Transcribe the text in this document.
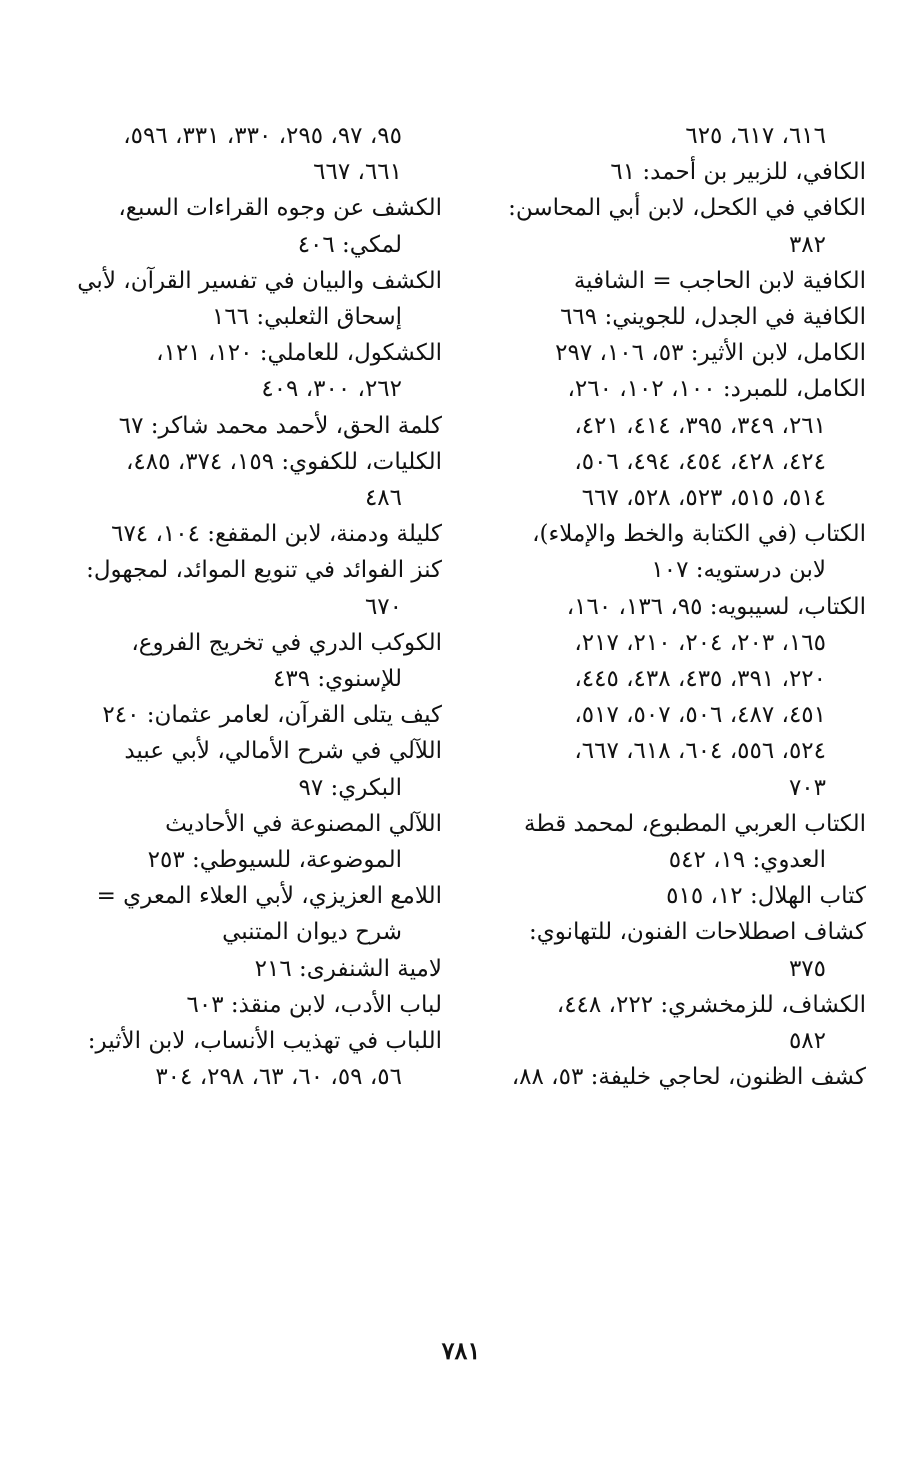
٦١٦، ٦١٧، ٦٢٥
الكافي، للزبير بن أحمد: ٦١
الكافي في الكحل، لابن أبي المحاسن:
٣٨٢
الكافية لابن الحاجب = الشافية
الكافية في الجدل، للجويني: ٦٦٩
الكامل، لابن الأثير: ٥٣، ١٠٦، ٢٩٧
الكامل، للمبرد: ١٠٠، ١٠٢، ٢٦٠،
٢٦١، ٣٤٩، ٣٩٥، ٤١٤، ٤٢١،
٤٢٤، ٤٢٨، ٤٥٤، ٤٩٤، ٥٠٦،
٥١٤، ٥١٥، ٥٢٣، ٥٢٨، ٦٦٧
الكتاب (في الكتابة والخط والإملاء)،
لابن درستويه: ١٠٧
الكتاب، لسيبويه: ٩٥، ١٣٦، ١٦٠،
١٦٥، ٢٠٣، ٢٠٤، ٢١٠، ٢١٧،
٢٢٠، ٣٩١، ٤٣٥، ٤٣٨، ٤٤٥،
٤٥١، ٤٨٧، ٥٠٦، ٥٠٧، ٥١٧،
٥٢٤، ٥٥٦، ٦٠٤، ٦١٨، ٦٦٧،
٧٠٣
الكتاب العربي المطبوع، لمحمد قطة
العدوي: ١٩، ٥٤٢
كتاب الهلال: ١٢، ٥١٥
كشاف اصطلاحات الفنون، للتهانوي:
٣٧٥
الكشاف، للزمخشري: ٢٢٢، ٤٤٨،
٥٨٢
كشف الظنون، لحاجي خليفة: ٥٣، ٨٨،
٩٥، ٩٧، ٢٩٥، ٣٣٠، ٣٣١، ٥٩٦،
٦٦١، ٦٦٧
الكشف عن وجوه القراءات السبع،
لمكي: ٤٠٦
الكشف والبيان في تفسير القرآن، لأبي
إسحاق الثعلبي: ١٦٦
الكشكول، للعاملي: ١٢٠، ١٢١،
٢٦٢، ٣٠٠، ٤٠٩
كلمة الحق، لأحمد محمد شاكر: ٦٧
الكليات، للكفوي: ١٥٩، ٣٧٤، ٤٨٥،
٤٨٦
كليلة ودمنة، لابن المقفع: ١٠٤، ٦٧٤
كنز الفوائد في تنويع الموائد، لمجهول:
٦٧٠
الكوكب الدري في تخريج الفروع،
للإسنوي: ٤٣٩
كيف يتلى القرآن، لعامر عثمان: ٢٤٠
اللآلي في شرح الأمالي، لأبي عبيد
البكري: ٩٧
اللآلي المصنوعة في الأحاديث
الموضوعة، للسيوطي: ٢٥٣
اللامع العزيزي، لأبي العلاء المعري =
شرح ديوان المتنبي
لامية الشنفرى: ٢١٦
لباب الأدب، لابن منقذ: ٦٠٣
اللباب في تهذيب الأنساب، لابن الأثير:
٥٦، ٥٩، ٦٠، ٦٣، ٢٩٨، ٣٠٤
٧٨١
